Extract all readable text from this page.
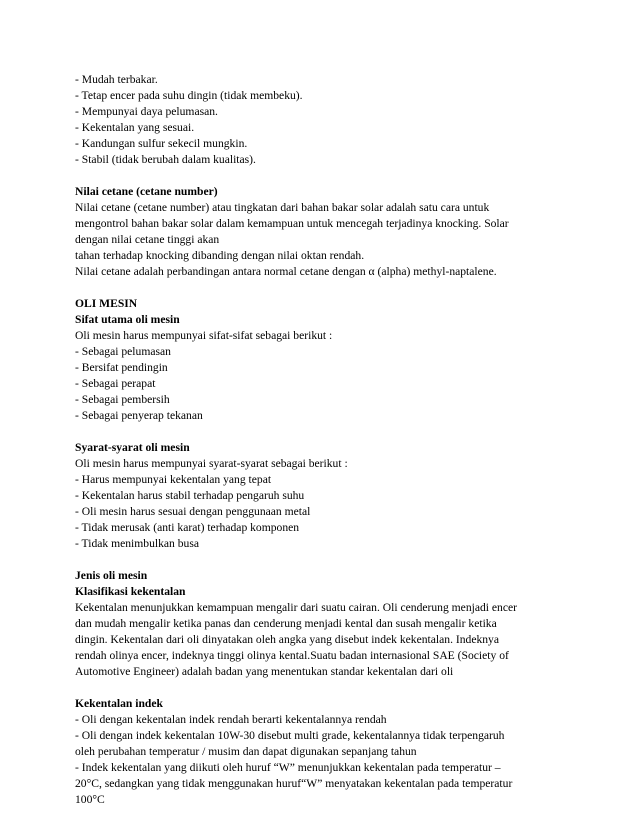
- Mudah terbakar.
- Tetap encer pada suhu dingin (tidak membeku).
- Mempunyai daya pelumasan.
- Kekentalan yang sesuai.
- Kandungan sulfur sekecil mungkin.
- Stabil (tidak berubah dalam kualitas).
Nilai cetane (cetane number)
Nilai cetane (cetane number) atau tingkatan dari bahan bakar solar adalah satu cara untuk
mengontrol bahan bakar solar dalam kemampuan untuk mencegah terjadinya knocking. Solar
dengan nilai cetane tinggi akan
tahan terhadap knocking dibanding dengan nilai oktan rendah.
Nilai cetane adalah perbandingan antara normal cetane dengan α (alpha) methyl-naptalene.
OLI MESIN
Sifat utama oli mesin
Oli mesin harus mempunyai sifat-sifat sebagai berikut :
- Sebagai pelumasan
- Bersifat pendingin
- Sebagai perapat
- Sebagai pembersih
- Sebagai penyerap tekanan
Syarat-syarat oli mesin
Oli mesin harus mempunyai syarat-syarat sebagai berikut :
- Harus mempunyai kekentalan yang tepat
- Kekentalan harus stabil terhadap pengaruh suhu
- Oli mesin harus sesuai dengan penggunaan metal
- Tidak merusak (anti karat) terhadap komponen
- Tidak menimbulkan busa
Jenis oli mesin
Klasifikasi kekentalan
Kekentalan menunjukkan kemampuan mengalir dari suatu cairan. Oli cenderung menjadi encer
dan mudah mengalir ketika panas dan cenderung menjadi kental dan susah mengalir ketika
dingin. Kekentalan dari oli dinyatakan oleh angka yang disebut indek kekentalan. Indeknya
rendah olinya encer, indeknya tinggi olinya kental.Suatu badan internasional SAE (Society of
Automotive Engineer) adalah badan yang menentukan standar kekentalan dari oli
Kekentalan indek
- Oli dengan kekentalan indek rendah berarti kekentalannya rendah
- Oli dengan indek kekentalan 10W-30 disebut multi grade, kekentalannya tidak terpengaruh
oleh perubahan temperatur / musim dan dapat digunakan sepanjang tahun
- Indek kekentalan yang diikuti oleh huruf “W” menunjukkan kekentalan pada temperatur –
20°C, sedangkan yang tidak menggunakan huruf“W” menyatakan kekentalan pada temperatur
100°C
